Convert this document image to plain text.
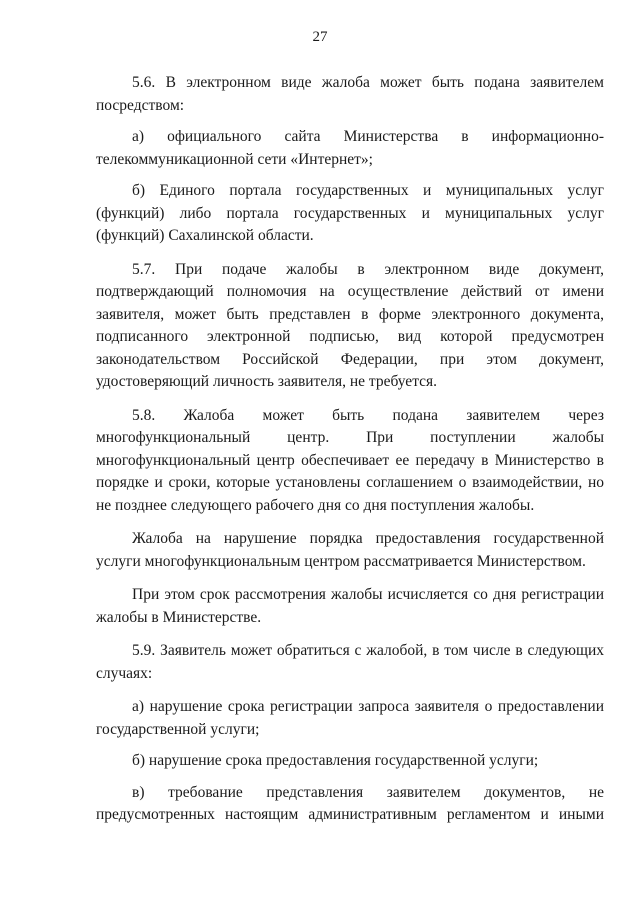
27

5.6. В электронном виде жалоба может быть подана заявителем посредством:

а) официального сайта Министерства в информационно-телекоммуникационной сети «Интернет»;

б) Единого портала государственных и муниципальных услуг (функций) либо портала государственных и муниципальных услуг (функций) Сахалинской области.

5.7. При подаче жалобы в электронном виде документ, подтверждающий полномочия на осуществление действий от имени заявителя, может быть представлен в форме электронного документа, подписанного электронной подписью, вид которой предусмотрен законодательством Российской Федерации, при этом документ, удостоверяющий личность заявителя, не требуется.

5.8. Жалоба может быть подана заявителем через многофункциональный центр. При поступлении жалобы многофункциональный центр обеспечивает ее передачу в Министерство в порядке и сроки, которые установлены соглашением о взаимодействии, но не позднее следующего рабочего дня со дня поступления жалобы.

Жалоба на нарушение порядка предоставления государственной услуги многофункциональным центром рассматривается Министерством.

При этом срок рассмотрения жалобы исчисляется со дня регистрации жалобы в Министерстве.

5.9. Заявитель может обратиться с жалобой, в том числе в следующих случаях:

а) нарушение срока регистрации запроса заявителя о предоставлении государственной услуги;

б) нарушение срока предоставления государственной услуги;

в) требование представления заявителем документов, не предусмотренных настоящим административным регламентом и иными
